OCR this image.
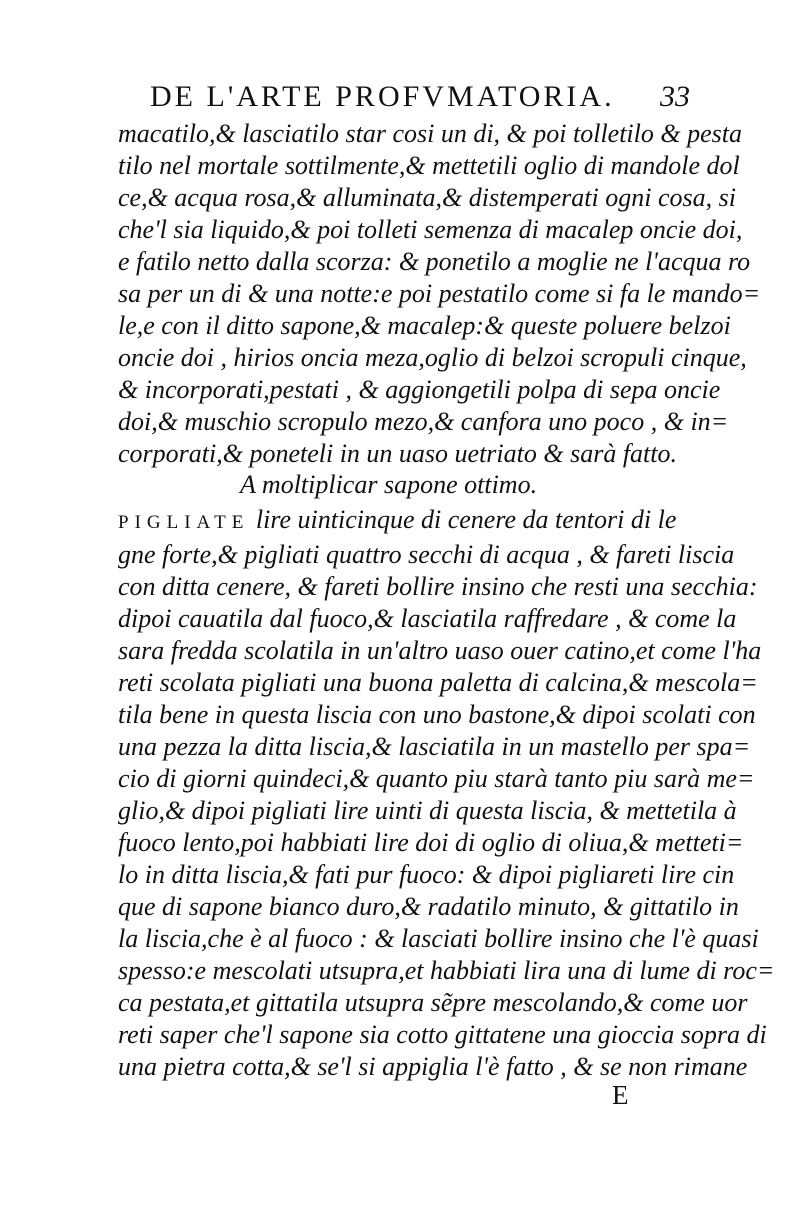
DE L'ARTE PROFVMATORIA. 33
macatilo,& lasciatilo star cosi un di, & poi tolletilo & pesta
tilo nel mortale sottilmente,& mettetili oglio di mandole dol
ce,& acqua rosa,& alluminata,& distemperati ogni cosa, si
che'l sia liquido,& poi tolleti semenza di macalep oncie doi,
e fatilo netto dalla scorza: & ponetilo a moglie ne l'acqua ro
sa per un di & una notte:e poi pestatilo come si fa le mando=
le,e con il ditto sapone,& macalep:& queste poluere belzoi
oncie doi , hirios oncia meza,oglio di belzoi scropuli cinque,
& incorporati,pestati , & aggiongetili polpa di sepa oncie
doi,& muschio scropulo mezo,& canfora uno poco , & in=
corporati,& poneteli in un uaso uetriato & sarà fatto.
A moltiplicar sapone ottimo.
PIGLIATE lire uinticinque di cenere da tentori di le
gne forte,& pigliati quattro secchi di acqua , & fareti liscia
con ditta cenere, & fareti bollire insino che resti una secchia:
dipoi cauatila dal fuoco,& lasciatila raffredare , & come la
sara fredda scolatila in un'altro uaso ouer catino,et come l'ha
reti scolata pigliati una buona paletta di calcina,& mescola=
tila bene in questa liscia con uno bastone,& dipoi scolati con
una pezza la ditta liscia,& lasciatila in un mastello per spa=
cio di giorni quindeci,& quanto piu starà tanto piu sarà me=
glio,& dipoi pigliati lire uinti di questa liscia, & mettetila à
fuoco lento,poi habbiati lire doi di oglio di oliua,& metteti=
lo in ditta liscia,& fati pur fuoco: & dipoi pigliareti lire cin
que di sapone bianco duro,& radatilo minuto, & gittatilo in
la liscia,che è al fuoco : & lasciati bollire insino che l'è quasi
spesso:e mescolati utsupra,et habbiati lira una di lume di roc=
ca pestata,et gittatila utsupra sẽpre mescolando,& come uor
reti saper che'l sapone sia cotto gittatene una gioccia sopra di
una pietra cotta,& se'l si appiglia l'è fatto , & se non rimane
E
